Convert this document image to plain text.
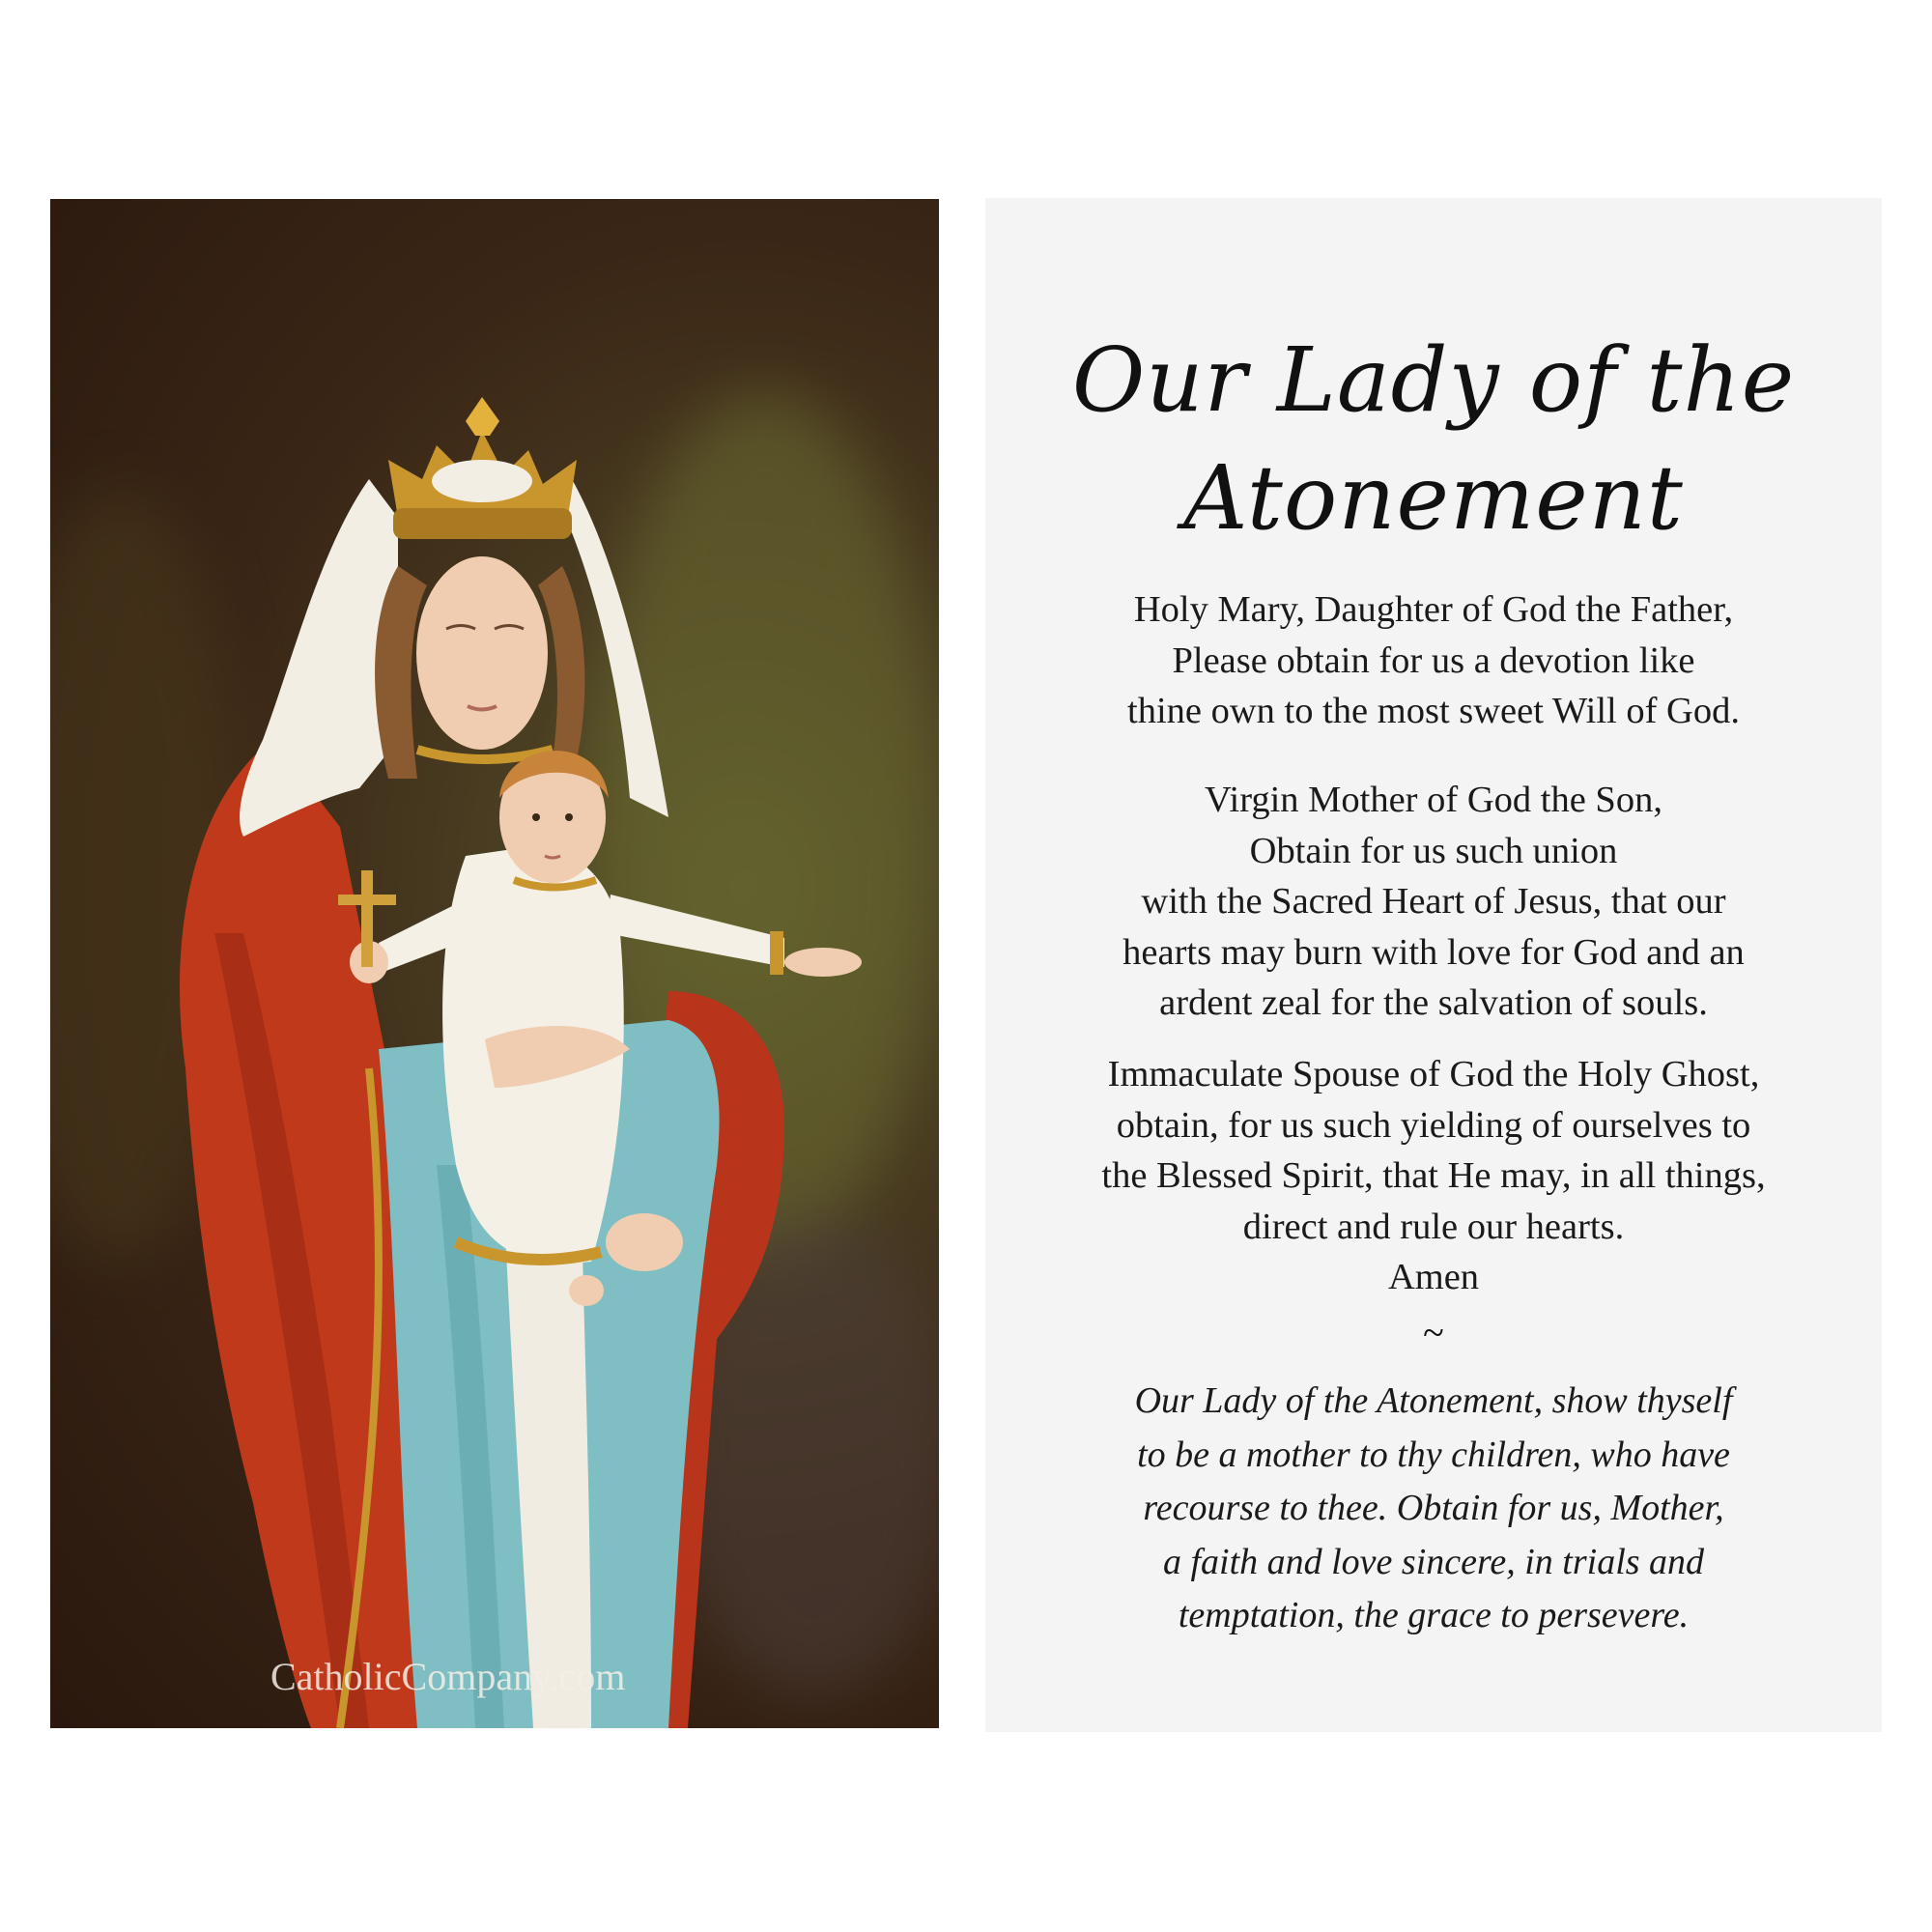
CatholicCompany.com
Our Lady of the
Atonement
Holy Mary, Daughter of God the Father,
Please obtain for us a devotion like
thine own to the most sweet Will of God.
Virgin Mother of God the Son,
Obtain for us such union
with the Sacred Heart of Jesus, that our
hearts may burn with love for God and an
ardent zeal for the salvation of souls.
Immaculate Spouse of God the Holy Ghost,
obtain, for us such yielding of ourselves to
the Blessed Spirit, that He may, in all things,
direct and rule our hearts.
Amen
~
Our Lady of the Atonement, show thyself
to be a mother to thy children, who have
recourse to thee. Obtain for us, Mother,
a faith and love sincere, in trials and
temptation, the grace to persevere.
